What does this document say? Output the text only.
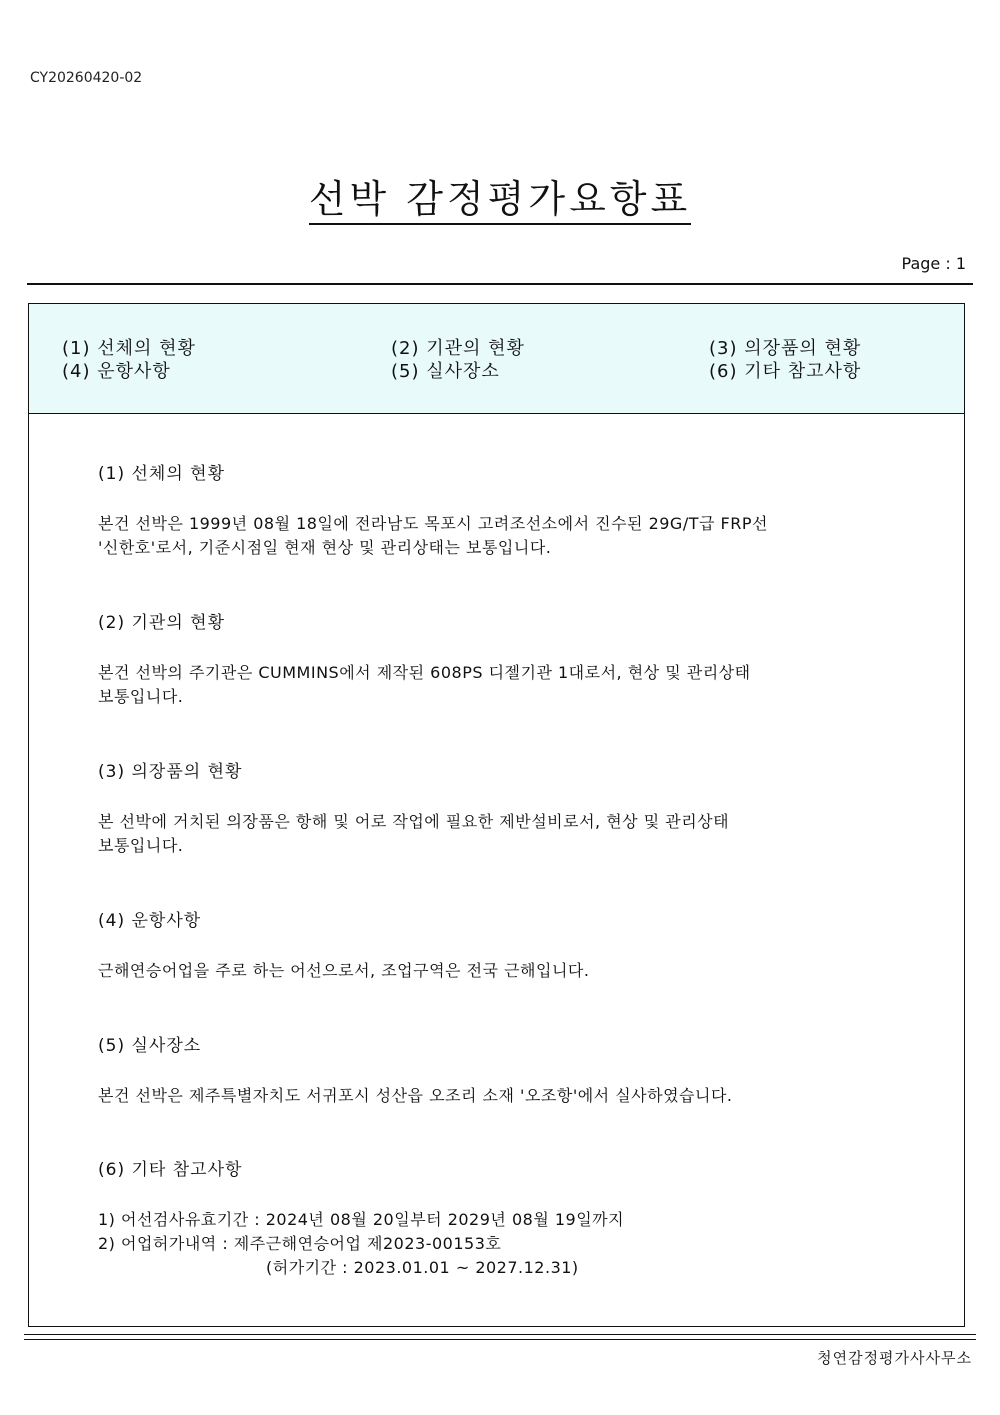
CY20260420-02
선박 감정평가요항표
Page : 1
(1) 선체의 현황	(2) 기관의 현황	(3) 의장품의 현황
(4) 운항사항	(5) 실사장소	(6) 기타 참고사항
(1) 선체의 현황

본건 선박은 1999년 08월 18일에 전라남도 목포시 고려조선소에서 진수된 29G/T급 FRP선
'신한호'로서, 기준시점일 현재 현상 및 관리상태는 보통입니다.

(2) 기관의 현황

본건 선박의 주기관은 CUMMINS에서 제작된 608PS 디젤기관 1대로서, 현상 및 관리상태
보통입니다.

(3) 의장품의 현황

본 선박에 거치된 의장품은 항해 및 어로 작업에 필요한 제반설비로서, 현상 및 관리상태
보통입니다.

(4) 운항사항

근해연승어업을 주로 하는 어선으로서, 조업구역은 전국 근해입니다.

(5) 실사장소

본건 선박은 제주특별자치도 서귀포시 성산읍 오조리 소재 '오조항'에서 실사하였습니다.

(6) 기타 참고사항
1) 어선검사유효기간 : 2024년 08월 20일부터 2029년 08월 19일까지
2) 어업허가내역 : 제주근해연승어업 제2023-00153호
(허가기간 : 2023.01.01 ~ 2027.12.31)
청연감정평가사사무소
